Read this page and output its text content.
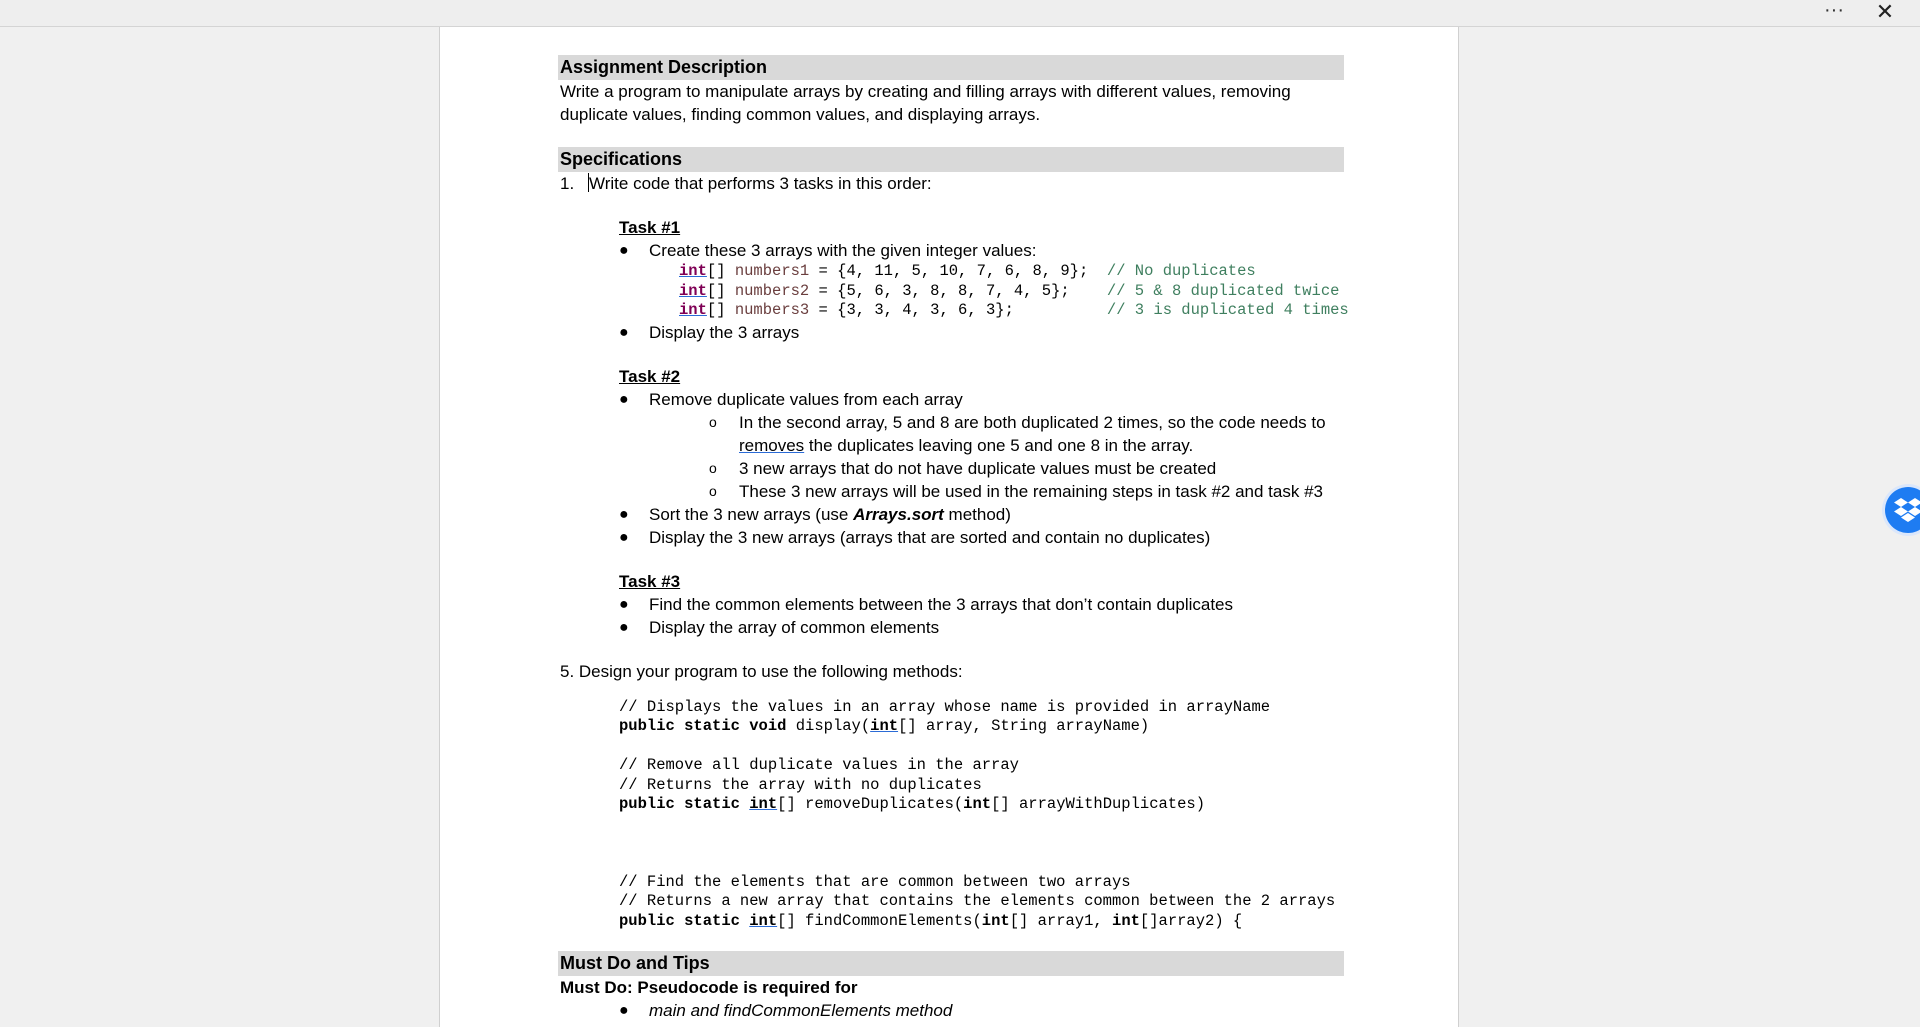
··· ✕
Assignment Description
Write a program to manipulate arrays by creating and filling arrays with different values, removing
duplicate values, finding common values, and displaying arrays.
Specifications
1. Write code that performs 3 tasks in this order:
Task #1
● Create these 3 arrays with the given integer values:
int[] numbers1 = {4, 11, 5, 10, 7, 6, 8, 9};  // No duplicates
int[] numbers2 = {5, 6, 3, 8, 8, 7, 4, 5};    // 5 & 8 duplicated twice
int[] numbers3 = {3, 3, 4, 3, 6, 3};          // 3 is duplicated 4 times
● Display the 3 arrays
Task #2
● Remove duplicate values from each array
o In the second array, 5 and 8 are both duplicated 2 times, so the code needs to
removes the duplicates leaving one 5 and one 8 in the array.
o 3 new arrays that do not have duplicate values must be created
o These 3 new arrays will be used in the remaining steps in task #2 and task #3
● Sort the 3 new arrays (use Arrays.sort method)
● Display the 3 new arrays (arrays that are sorted and contain no duplicates)
Task #3
● Find the common elements between the 3 arrays that don’t contain duplicates
● Display the array of common elements
5. Design your program to use the following methods:
// Displays the values in an array whose name is provided in arrayName
public static void display(int[] array, String arrayName)
// Remove all duplicate values in the array
// Returns the array with no duplicates
public static int[] removeDuplicates(int[] arrayWithDuplicates)
// Find the elements that are common between two arrays
// Returns a new array that contains the elements common between the 2 arrays
public static int[] findCommonElements(int[] array1, int[]array2) {
Must Do and Tips
Must Do: Pseudocode is required for
● main and findCommonElements method
